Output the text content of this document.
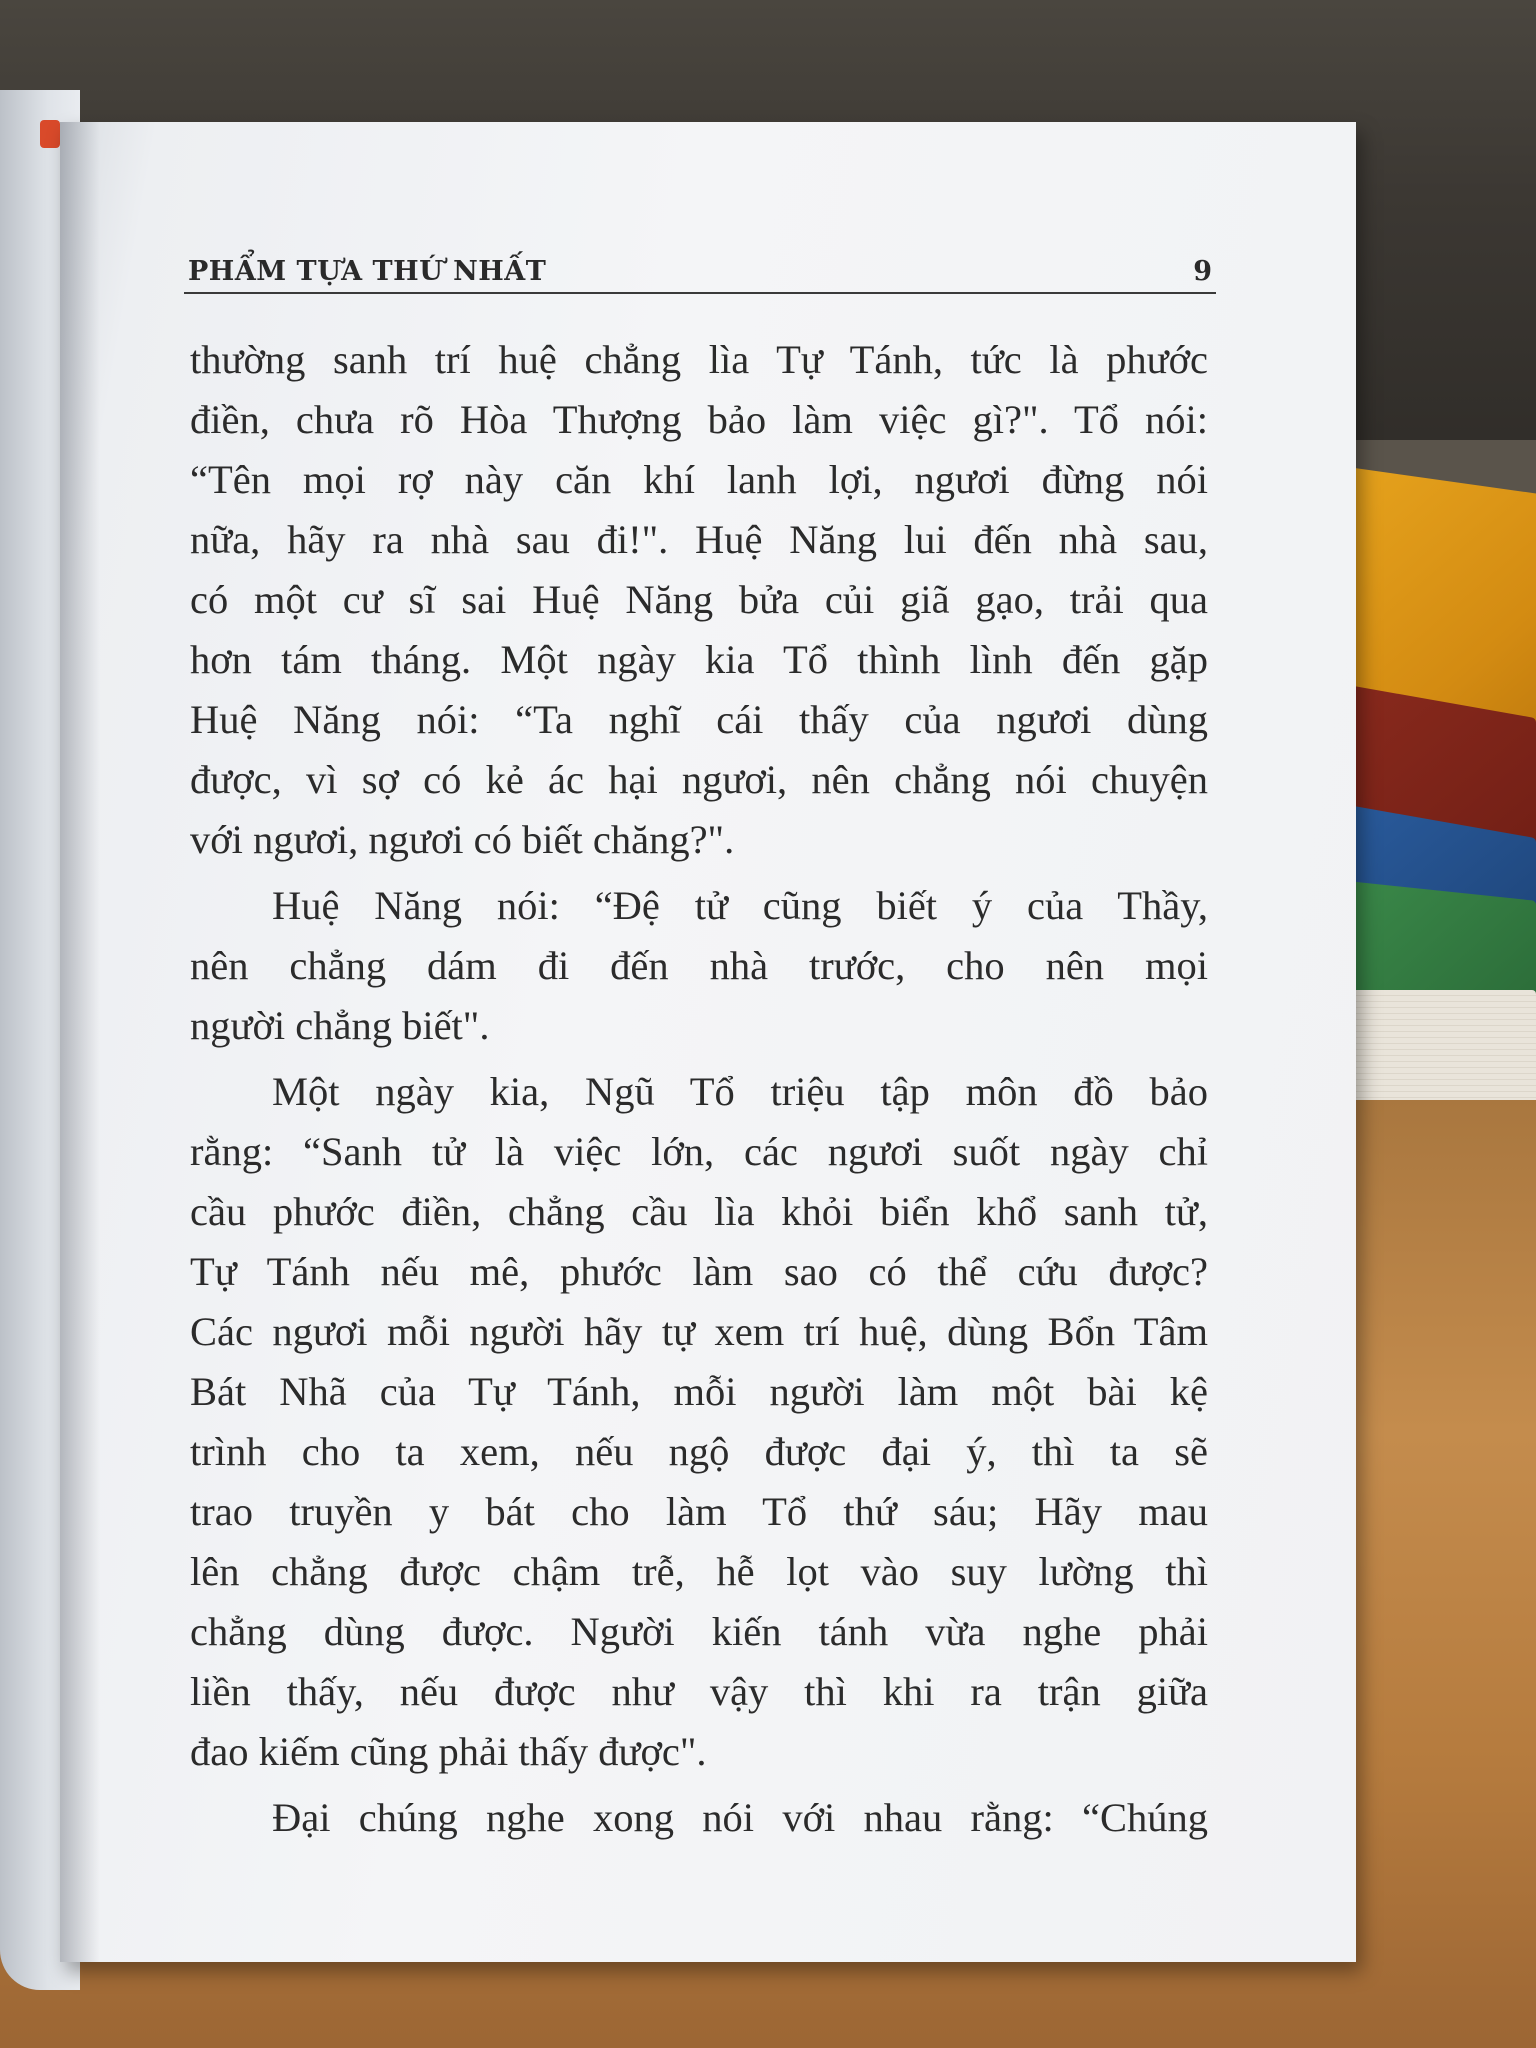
PHẨM TỰA THỨ NHẤT	9
thường sanh trí huệ chẳng lìa Tự Tánh, tức là phước
điền, chưa rõ Hòa Thượng bảo làm việc gì?". Tổ nói:
“Tên mọi rợ này căn khí lanh lợi, ngươi đừng nói
nữa, hãy ra nhà sau đi!". Huệ Năng lui đến nhà sau,
có một cư sĩ sai Huệ Năng bửa củi giã gạo, trải qua
hơn tám tháng. Một ngày kia Tổ thình lình đến gặp
Huệ Năng nói: “Ta nghĩ cái thấy của ngươi dùng
được, vì sợ có kẻ ác hại ngươi, nên chẳng nói chuyện
với ngươi, ngươi có biết chăng?".
Huệ Năng nói: “Đệ tử cũng biết ý của Thầy,
nên chẳng dám đi đến nhà trước, cho nên mọi
người chẳng biết".
Một ngày kia, Ngũ Tổ triệu tập môn đồ bảo
rằng: “Sanh tử là việc lớn, các ngươi suốt ngày chỉ
cầu phước điền, chẳng cầu lìa khỏi biển khổ sanh tử,
Tự Tánh nếu mê, phước làm sao có thể cứu được?
Các ngươi mỗi người hãy tự xem trí huệ, dùng Bổn Tâm
Bát Nhã của Tự Tánh, mỗi người làm một bài kệ
trình cho ta xem, nếu ngộ được đại ý, thì ta sẽ
trao truyền y bát cho làm Tổ thứ sáu; Hãy mau
lên chẳng được chậm trễ, hễ lọt vào suy lường thì
chẳng dùng được. Người kiến tánh vừa nghe phải
liền thấy, nếu được như vậy thì khi ra trận giữa
đao kiếm cũng phải thấy được".
Đại chúng nghe xong nói với nhau rằng: “Chúng
